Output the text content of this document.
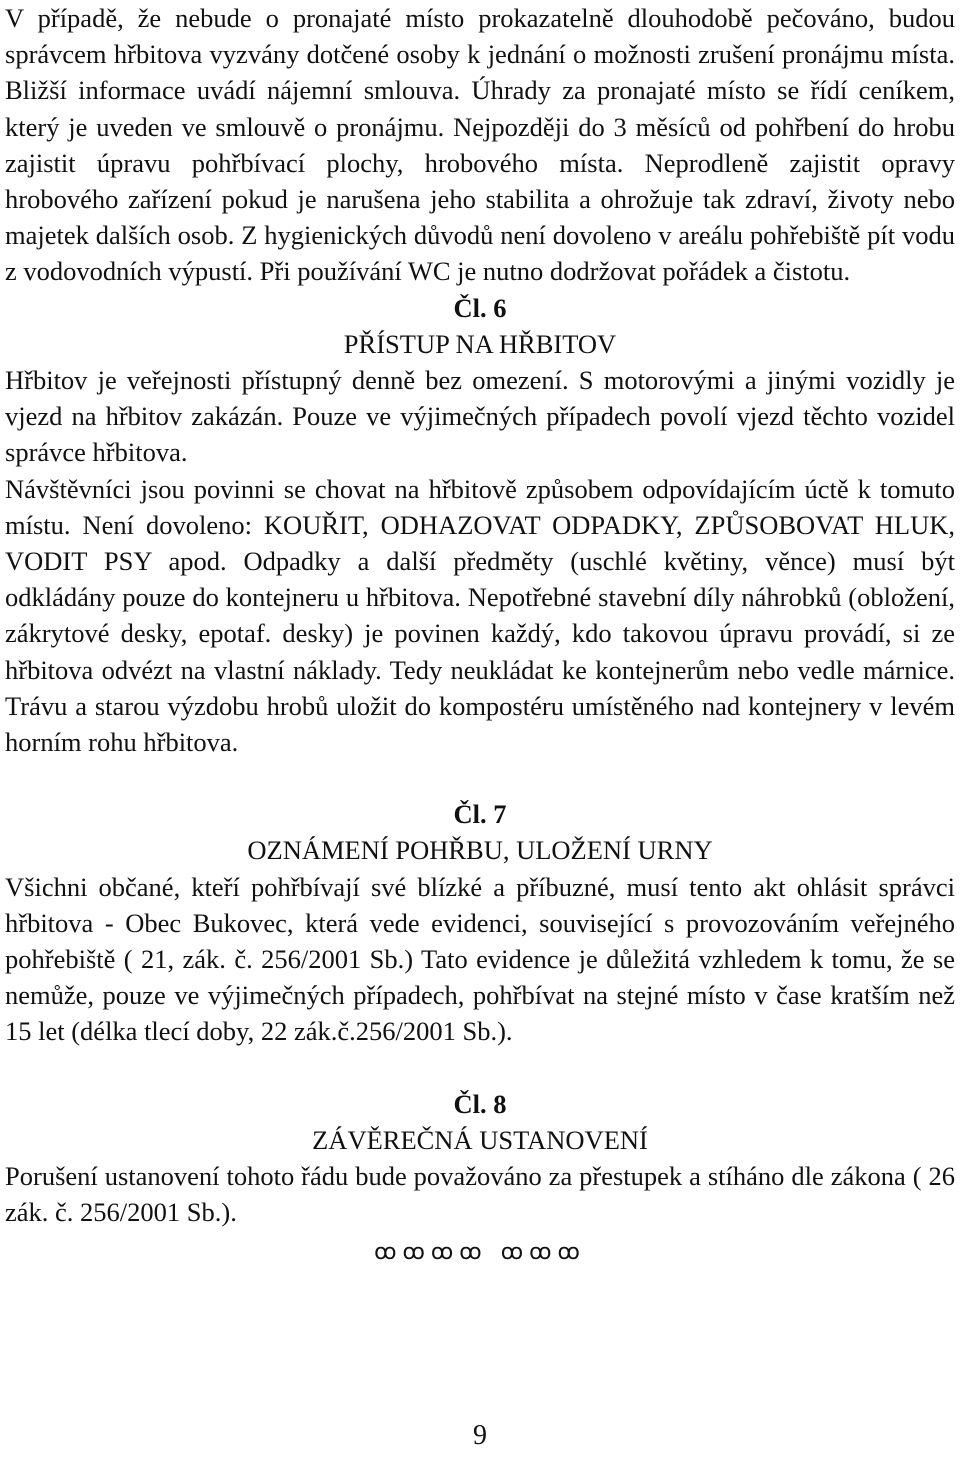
V případě, že nebude o pronajaté místo prokazatelně dlouhodobě pečováno, budou správcem hřbitova vyzvány dotčené osoby k jednání o možnosti zrušení pronájmu místa. Bližší informace uvádí nájemní smlouva. Úhrady za pronajaté místo se řídí ceníkem, který je uveden ve smlouvě o pronájmu. Nejpozději do 3 měsíců od pohřbení do hrobu zajistit úpravu pohřbívací plochy, hrobového místa. Neprodleně zajistit opravy hrobového zařízení pokud je narušena jeho stabilita a ohrožuje tak zdraví, životy nebo majetek dalších osob. Z hygienických důvodů není dovoleno v areálu pohřebiště pít vodu z vodovodních výpustí. Při používání WC je nutno dodržovat pořádek a čistotu.

Čl. 6

PŘÍSTUP NA HŘBITOV

Hřbitov je veřejnosti přístupný denně bez omezení. S motorovými a jinými vozidly je vjezd na hřbitov zakázán. Pouze ve výjimečných případech povolí vjezd těchto vozidel správce hřbitova.

Návštěvníci jsou povinni se chovat na hřbitově způsobem odpovídajícím úctě k tomuto místu. Není dovoleno: KOUŘIT, ODHAZOVAT ODPADKY, ZPŮSOBOVAT HLUK, VODIT PSY apod. Odpadky a další předměty (uschlé květiny, věnce) musí být odkládány pouze do kontejneru u hřbitova. Nepotřebné stavební díly náhrobků (obložení, zákrytové desky, epotaf. desky) je povinen každý, kdo takovou úpravu provádí, si ze hřbitova odvézt na vlastní náklady. Tedy neukládat ke kontejnerům nebo vedle márnice. Trávu a starou výzdobu hrobů uložit do kompostéru umístěného nad kontejnery v levém horním rohu hřbitova.

Čl. 7

OZNÁMENÍ POHŘBU, ULOŽENÍ URNY

Všichni občané, kteří pohřbívají své blízké a příbuzné, musí tento akt ohlásit správci hřbitova - Obec Bukovec, která vede evidenci, související s provozováním veřejného pohřebiště ( 21, zák. č. 256/2001 Sb.) Tato evidence je důležitá vzhledem k tomu, že se nemůže, pouze ve výjimečných případech, pohřbívat na stejné místo v čase kratším než 15 let (délka tlecí doby, 22 zák.č.256/2001 Sb.).

Čl. 8

ZÁVĚREČNÁ USTANOVENÍ

Porušení ustanovení tohoto řádu bude považováno za přestupek a stíháno dle zákona ( 26 zák. č. 256/2001 Sb.).

ꝏꝏꝏꝏ ꝏꝏꝏ

9
